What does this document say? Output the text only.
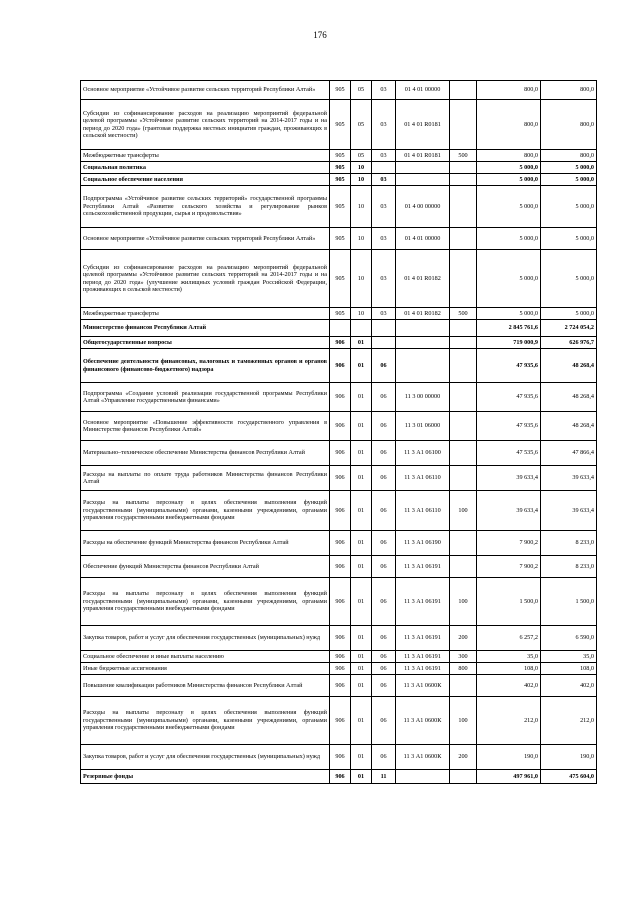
176
Основное мероприятие «Устойчивое развитие сельских территорий Республики Алтай»	905	05	03	01 4 01 00000		800,0	800,0
Субсидии из софинансирование расходов на реализацию мероприятий федеральной целевой программы «Устойчивое развитие сельских территорий на 2014-2017 годы и на период до 2020 года» (грантовая поддержка местных инициатив граждан, проживающих в сельской местности)	905	05	03	01 4 01 R0181		800,0	800,0
Межбюджетные трансферты	905	05	03	01 4 01 R0181	500	800,0	800,0
Социальная политика	905	10				5 000,0	5 000,0
Социальное обеспечение населения	905	10	03			5 000,0	5 000,0
Подпрограмма «Устойчивое развитие сельских территорий» государственной программы Республики Алтай «Развитие сельского хозяйства и регулирование рынков сельскохозяйственной продукции, сырья и продовольствия»	905	10	03	01 4 00 00000		5 000,0	5 000,0
Основное мероприятие «Устойчивое развитие сельских территорий Республики Алтай»	905	10	03	01 4 01 00000		5 000,0	5 000,0
Субсидии из софинансирование расходов на реализацию мероприятий федеральной целевой программы «Устойчивое развитие сельских территорий на 2014-2017 годы и на период до 2020 года» (улучшение жилищных условий граждан Российской Федерации, проживающих в сельской местности)	905	10	03	01 4 01 R0182		5 000,0	5 000,0
Межбюджетные трансферты	905	10	03	01 4 01 R0182	500	5 000,0	5 000,0
Министерство финансов Республики Алтай						2 845 761,6	2 724 054,2
Общегосударственные вопросы	906	01				719 000,9	626 976,7
Обеспечение деятельности финансовых, налоговых и таможенных органов и органов финансового (финансово-бюджетного) надзора	906	01	06			47 935,6	48 268,4
Подпрограмма «Создание условий реализации государственной программы Республики Алтай «Управление государственными финансами»	906	01	06	11 3 00 00000		47 935,6	48 268,4
Основное мероприятие «Повышение эффективности государственного управления в Министерстве финансов Республики Алтай»	906	01	06	11 3 01 06000		47 935,6	48 268,4
Материально–техническое обеспечение Министерства финансов Республики Алтай	906	01	06	11 3 А1 06100		47 535,6	47 866,4
Расходы на выплаты по оплате труда работников Министерства финансов Республики Алтай	906	01	06	11 3 А1 06110		39 633,4	39 633,4
Расходы на выплаты персоналу в целях обеспечения выполнения функций государственными (муниципальными) органами, казенными учреждениями, органами управления государственными внебюджетными фондами	906	01	06	11 3 А1 06110	100	39 633,4	39 633,4
Расходы на обеспечение функций Министерства финансов Республики Алтай	906	01	06	11 3 А1 06190		7 900,2	8 233,0
Обеспечение функций Министерства финансов Республики Алтай	906	01	06	11 3 А1 06191		7 900,2	8 233,0
Расходы на выплаты персоналу в целях обеспечения выполнения функций государственными (муниципальными) органами, казенными учреждениями, органами управления государственными внебюджетными фондами	906	01	06	11 3 А1 06191	100	1 500,0	1 500,0
Закупка товаров, работ и услуг для обеспечения государственных (муниципальных) нужд	906	01	06	11 3 А1 06191	200	6 257,2	6 590,0
Социальное обеспечение и иные выплаты населению	906	01	06	11 3 А1 06191	300	35,0	35,0
Иные бюджетные ассигнования	906	01	06	11 3 А1 06191	800	108,0	108,0
Повышение квалификации работников Министерства финансов Республики Алтай	906	01	06	11 3 А1 0600К		402,0	402,0
Расходы на выплаты персоналу в целях обеспечения выполнения функций государственными (муниципальными) органами, казенными учреждениями, органами управления государственными внебюджетными фондами	906	01	06	11 3 А1 0600К	100	212,0	212,0
Закупка товаров, работ и услуг для обеспечения государственных (муниципальных) нужд	906	01	06	11 3 А1 0600К	200	190,0	190,0
Резервные фонды	906	01	11			497 961,0	475 604,0
